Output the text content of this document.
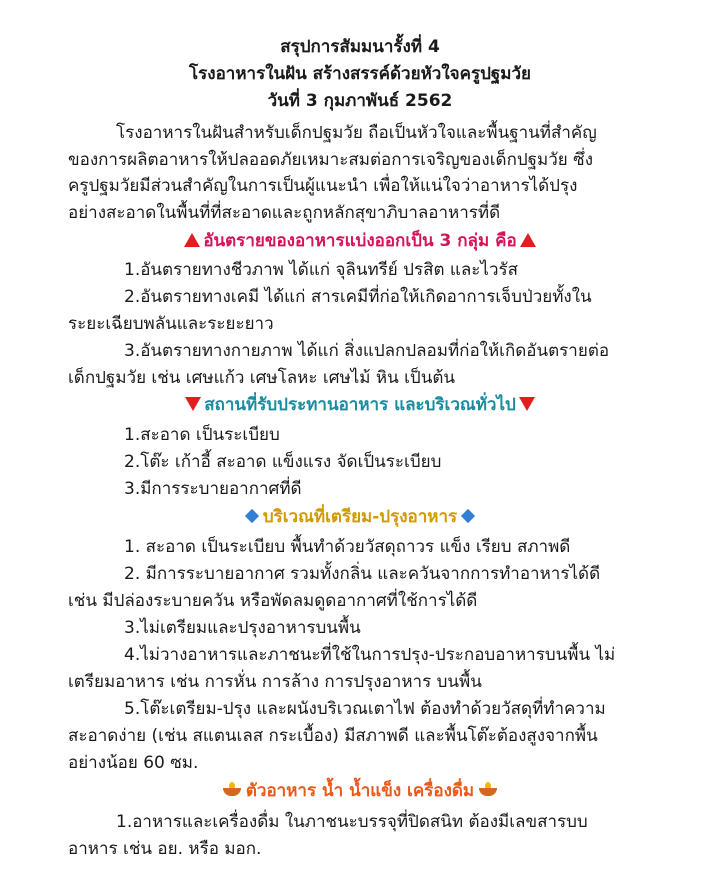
สรุปการสัมมนารั้งที่ 4
โรงอาหารในฝัน สร้างสรรค์ด้วยหัวใจครูปฐมวัย
วันที่ 3 กุมภาพันธ์ 2562
โรงอาหารในฝันสำหรับเด็กปฐมวัย ถือเป็นหัวใจและพื้นฐานที่สำคัญ
ของการผลิตอาหารให้ปลออดภัยเหมาะสมต่อการเจริญของเด็กปฐมวัย ซึ่ง
ครูปฐมวัยมีส่วนสำคัญในการเป็นผู้แนะนำ เพื่อให้แน่ใจว่าอาหารได้ปรุง
อย่างสะอาดในพื้นที่ที่สะอาดและถูกหลักสุขาภิบาลอาหารที่ดี
อันตรายของอาหารแบ่งออกเป็น 3 กลุ่ม คือ
1.อันตรายทางชีวภาพ ได้แก่ จุลินทรีย์ ปรสิต และไวรัส
2.อันตรายทางเคมี ได้แก่ สารเคมีที่ก่อให้เกิดอาการเจ็บป่วยทั้งใน
ระยะเฉียบพลันและระยะยาว
3.อันตรายทางกายภาพ ได้แก่ สิ่งแปลกปลอมที่ก่อให้เกิดอันตรายต่อ
เด็กปฐมวัย เช่น เศษแก้ว เศษโลหะ เศษไม้ หิน เป็นต้น
สถานที่รับประทานอาหาร และบริเวณทั่วไป
1.สะอาด เป็นระเบียบ
2.โต๊ะ เก้าอี้ สะอาด แข็งแรง จัดเป็นระเบียบ
3.มีการระบายอากาศที่ดี
บริเวณที่เตรียม-ปรุงอาหาร
1. สะอาด เป็นระเบียบ พื้นทำด้วยวัสดุถาวร แข็ง เรียบ สภาพดี
2. มีการระบายอากาศ รวมทั้งกลิ่น และควันจากการทำอาหารได้ดี
เช่น มีปล่องระบายควัน หรือพัดลมดูดอากาศที่ใช้การได้ดี
3.ไม่เตรียมและปรุงอาหารบนพื้น
4.ไม่วางอาหารและภาชนะที่ใช้ในการปรุง-ประกอบอาหารบนพื้น ไม่
เตรียมอาหาร เช่น การหั่น การล้าง การปรุงอาหาร บนพื้น
5.โต๊ะเตรียม-ปรุง และผนังบริเวณเตาไฟ ต้องทำด้วยวัสดุที่ทำความ
สะอาดง่าย (เช่น สแตนเลส กระเบื้อง) มีสภาพดี และพื้นโต๊ะต้องสูงจากพื้น
อย่างน้อย 60 ซม.
ตัวอาหาร น้ำ น้ำแข็ง เครื่องดื่ม
1.อาหารและเครื่องดื่ม ในภาชนะบรรจุที่ปิดสนิท ต้องมีเลขสารบบ
อาหาร เช่น อย. หรือ มอก.
